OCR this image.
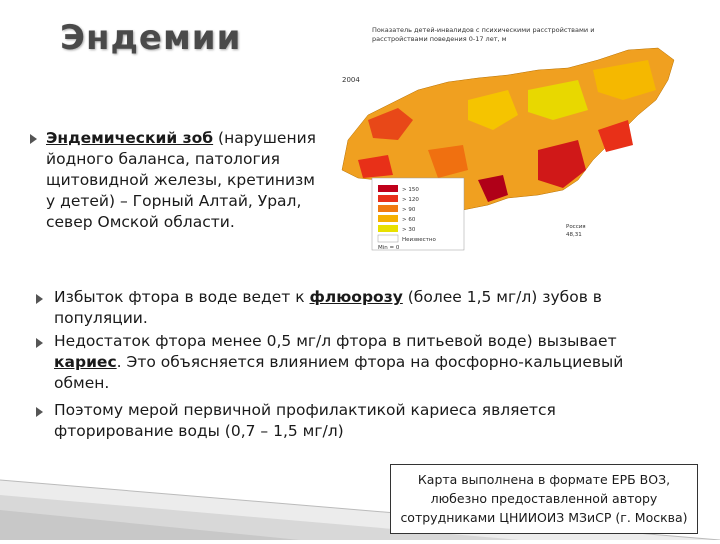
Эндемии
Эндемический зоб (нарушения йодного баланса, патология щитовидной железы, кретинизм у детей) – Горный Алтай, Урал, север Омской области.
Показатель детей-инвалидов с психическими расстройствами и
расстройствами поведения 0-17 лет, м
2004
> 150
> 120
> 90
> 60
> 30
Неизвестно
Min = 0
Россия
48,31
Избыток фтора в воде ведет к флюорозу (более 1,5 мг/л) зубов в популяции.
Недостаток фтора менее 0,5 мг/л фтора в питьевой воде) вызывает кариес. Это объясняется влиянием фтора на фосфорно-кальциевый обмен.
Поэтому мерой первичной профилактикой кариеса является фторирование воды (0,7 – 1,5 мг/л)
Карта выполнена в формате ЕРБ ВОЗ,
любезно предоставленной автору
сотрудниками ЦНИИОИЗ МЗиСР (г. Москва)
